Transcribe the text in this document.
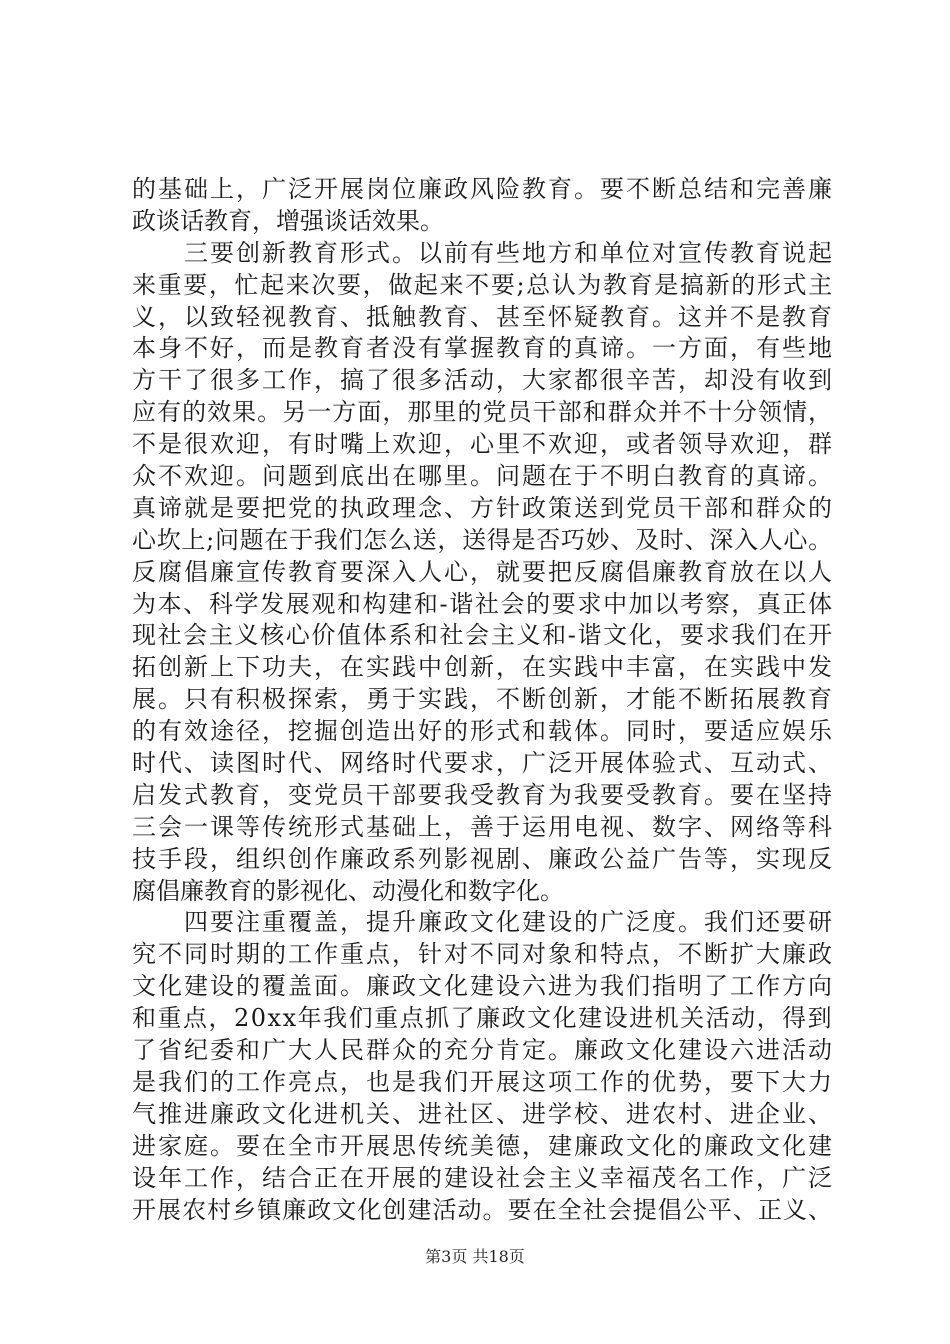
的基础上，广泛开展岗位廉政风险教育。要不断总结和完善廉
政谈话教育，增强谈话效果。
　　三要创新教育形式。以前有些地方和单位对宣传教育说起
来重要，忙起来次要，做起来不要;总认为教育是搞新的形式主
义，以致轻视教育、抵触教育、甚至怀疑教育。这并不是教育
本身不好，而是教育者没有掌握教育的真谛。一方面，有些地
方干了很多工作，搞了很多活动，大家都很辛苦，却没有收到
应有的效果。另一方面，那里的党员干部和群众并不十分领情，
不是很欢迎，有时嘴上欢迎，心里不欢迎，或者领导欢迎，群
众不欢迎。问题到底出在哪里。问题在于不明白教育的真谛。
真谛就是要把党的执政理念、方针政策送到党员干部和群众的
心坎上;问题在于我们怎么送，送得是否巧妙、及时、深入人心。
反腐倡廉宣传教育要深入人心，就要把反腐倡廉教育放在以人
为本、科学发展观和构建和-谐社会的要求中加以考察，真正体
现社会主义核心价值体系和社会主义和-谐文化，要求我们在开
拓创新上下功夫，在实践中创新，在实践中丰富，在实践中发
展。只有积极探索，勇于实践，不断创新，才能不断拓展教育
的有效途径，挖掘创造出好的形式和载体。同时，要适应娱乐
时代、读图时代、网络时代要求，广泛开展体验式、互动式、
启发式教育，变党员干部要我受教育为我要受教育。要在坚持
三会一课等传统形式基础上，善于运用电视、数字、网络等科
技手段，组织创作廉政系列影视剧、廉政公益广告等，实现反
腐倡廉教育的影视化、动漫化和数字化。
　　四要注重覆盖，提升廉政文化建设的广泛度。我们还要研
究不同时期的工作重点，针对不同对象和特点，不断扩大廉政
文化建设的覆盖面。廉政文化建设六进为我们指明了工作方向
和重点，20xx年我们重点抓了廉政文化建设进机关活动，得到
了省纪委和广大人民群众的充分肯定。廉政文化建设六进活动
是我们的工作亮点，也是我们开展这项工作的优势，要下大力
气推进廉政文化进机关、进社区、进学校、进农村、进企业、
进家庭。要在全市开展思传统美德，建廉政文化的廉政文化建
设年工作，结合正在开展的建设社会主义幸福茂名工作，广泛
开展农村乡镇廉政文化创建活动。要在全社会提倡公平、正义、
第3页 共18页
